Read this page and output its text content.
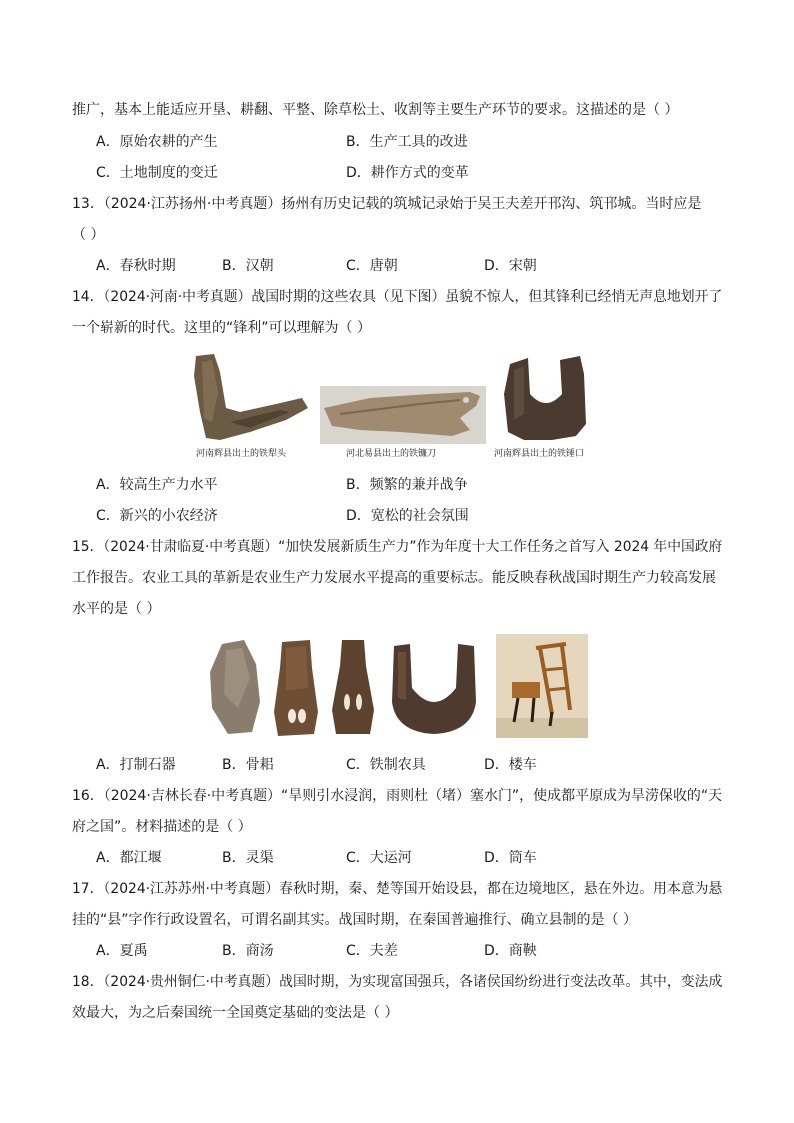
推广，基本上能适应开垦、耕翻、平整、除草松土、收割等主要生产环节的要求。这描述的是（ ）
A．原始农耕的产生	B．生产工具的改进
C．土地制度的变迁	D．耕作方式的变革
13．（2024·江苏扬州·中考真题）扬州有历史记载的筑城记录始于吴王夫差开邗沟、筑邗城。当时应是
（ ）
A．春秋时期	B．汉朝	C．唐朝	D．宋朝
14．（2024·河南·中考真题）战国时期的这些农具（见下图）虽貌不惊人，但其锋利已经悄无声息地划开了
一个崭新的时代。这里的“锋利”可以理解为（ ）
河南辉县出土的铁犁头	河北易县出土的铁镰刀	河南辉县出土的铁锤口
A．较高生产力水平	B．频繁的兼并战争
C．新兴的小农经济	D．宽松的社会氛围
15．（2024·甘肃临夏·中考真题）“加快发展新质生产力”作为年度十大工作任务之首写入 2024 年中国政府
工作报告。农业工具的革新是农业生产力发展水平提高的重要标志。能反映春秋战国时期生产力较高发展
水平的是（ ）
A．打制石器	B．骨耜	C．铁制农具	D．楼车
16．（2024·吉林长春·中考真题）“旱则引水浸润，雨则杜（堵）塞水门”，使成都平原成为旱涝保收的“天
府之国”。材料描述的是（ ）
A．都江堰	B．灵渠	C．大运河	D．筒车
17．（2024·江苏苏州·中考真题）春秋时期，秦、楚等国开始设县，都在边境地区，悬在外边。用本意为悬
挂的“县”字作行政设置名，可谓名副其实。战国时期，在秦国普遍推行、确立县制的是（ ）
A．夏禹	B．商汤	C．夫差	D．商鞅
18．（2024·贵州铜仁·中考真题）战国时期，为实现富国强兵，各诸侯国纷纷进行变法改革。其中，变法成
效最大，为之后秦国统一全国奠定基础的变法是（ ）
